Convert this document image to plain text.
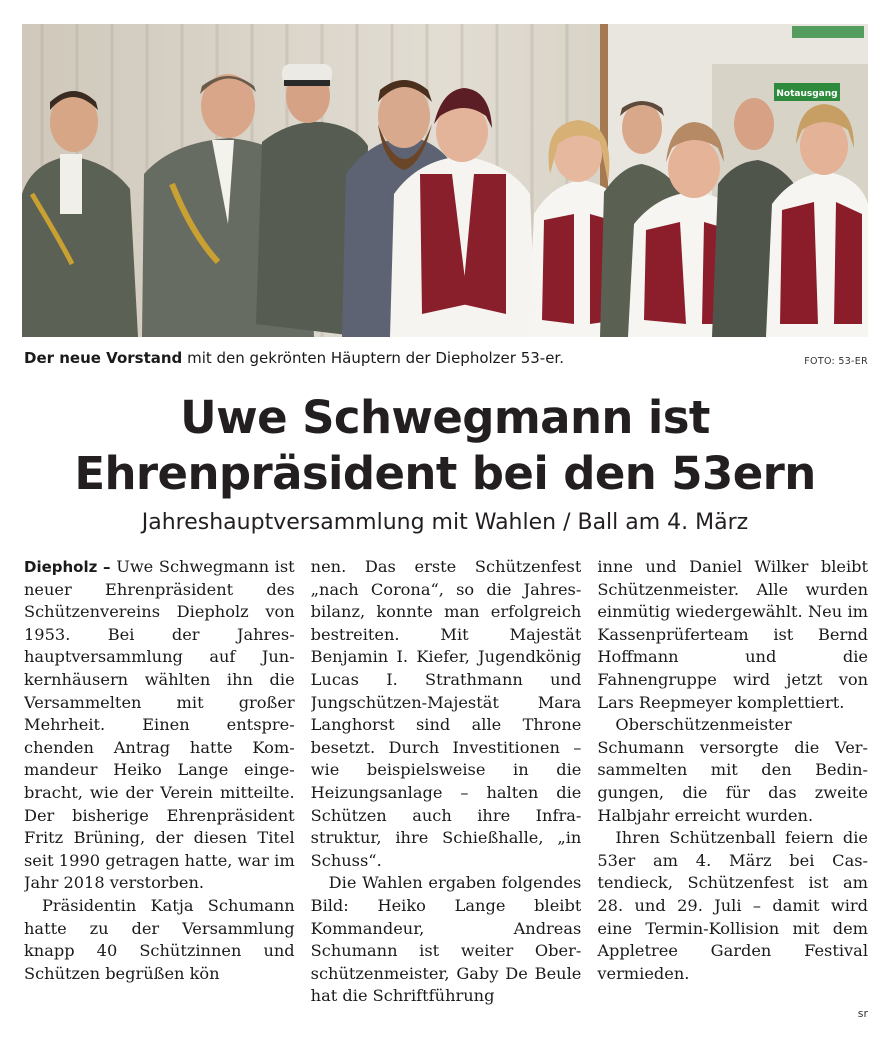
Notausgang
Der neue Vorstand mit den gekrönten Häuptern der Diepholzer 53-er.	FOTO: 53-ER
Uwe Schwegmann ist
Ehrenpräsident bei den 53ern
Jahreshauptversammlung mit Wahlen / Ball am 4. März

Diepholz – Uwe Schwegmann ist neuer Ehrenpräsident des Schützenvereins Diepholz von 1953. Bei der Jahreshauptversammlung auf Junkernhäusern wählten ihn die Versammelten mit großer Mehrheit. Einen entsprechenden Antrag hatte Kommandeur Heiko Lange eingebracht, wie der Verein mitteilte. Der bisherige Ehrenpräsident Fritz Brüning, der diesen Titel seit 1990 getragen hatte, war im Jahr 2018 verstorben.

Präsidentin Katja Schumann hatte zu der Versammlung knapp 40 Schützinnen und Schützen begrüßen kön

nen. Das erste Schützenfest „nach Corona“, so die Jahresbilanz, konnte man erfolgreich bestreiten. Mit Majestät Benjamin I. Kiefer, Jugendkönig Lucas I. Strathmann und Jungschützen-Majestät Mara Langhorst sind alle Throne besetzt. Durch Investitionen – wie beispielsweise in die Heizungsanlage – halten die Schützen auch ihre Infrastruktur, ihre Schießhalle, „in Schuss“.

Die Wahlen ergaben folgendes Bild: Heiko Lange bleibt Kommandeur, Andreas Schumann ist weiter Oberschützenmeister, Gaby De Beule hat die Schriftführung

inne und Daniel Wilker bleibt Schützenmeister. Alle wurden einmütig wiedergewählt. Neu im Kassenprüferteam ist Bernd Hoffmann und die Fahnengruppe wird jetzt von Lars Reepmeyer komplettiert.

Oberschützenmeister Schumann versorgte die Versammelten mit den Bedingungen, die für das zweite Halbjahr erreicht wurden.

Ihren Schützenball feiern die 53er am 4. März bei Castendieck, Schützenfest ist am 28. und 29. Juli – damit wird eine Termin-Kollision mit dem Appletree Garden Festival vermieden.

sr
